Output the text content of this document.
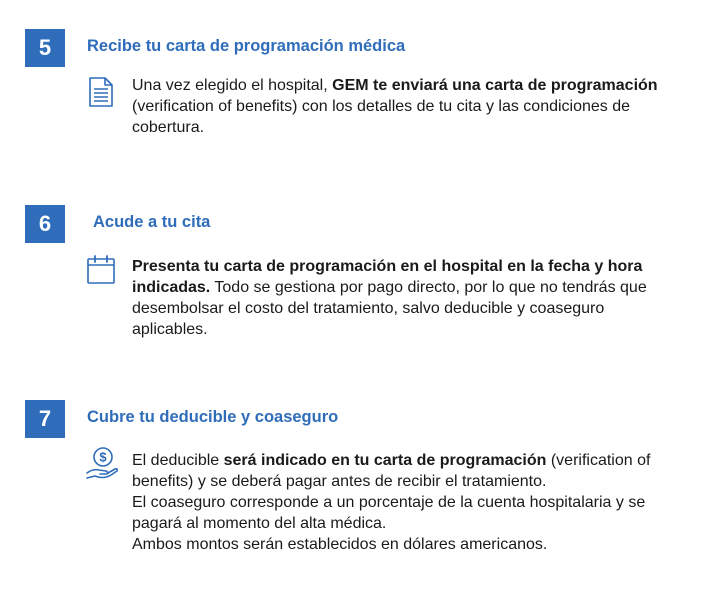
5	Recibe tu carta de programación médica
Una vez elegido el hospital, GEM te enviará una carta de programación (verification of benefits) con los detalles de tu cita y las condiciones de cobertura.
6	Acude a tu cita
Presenta tu carta de programación en el hospital en la fecha y hora indicadas. Todo se gestiona por pago directo, por lo que no tendrás que desembolsar el costo del tratamiento, salvo deducible y coaseguro aplicables.
7	Cubre tu deducible y coaseguro
$ El deducible será indicado en tu carta de programación (verification of benefits) y se deberá pagar antes de recibir el tratamiento.
El coaseguro corresponde a un porcentaje de la cuenta hospitalaria y se pagará al momento del alta médica.
Ambos montos serán establecidos en dólares americanos.
